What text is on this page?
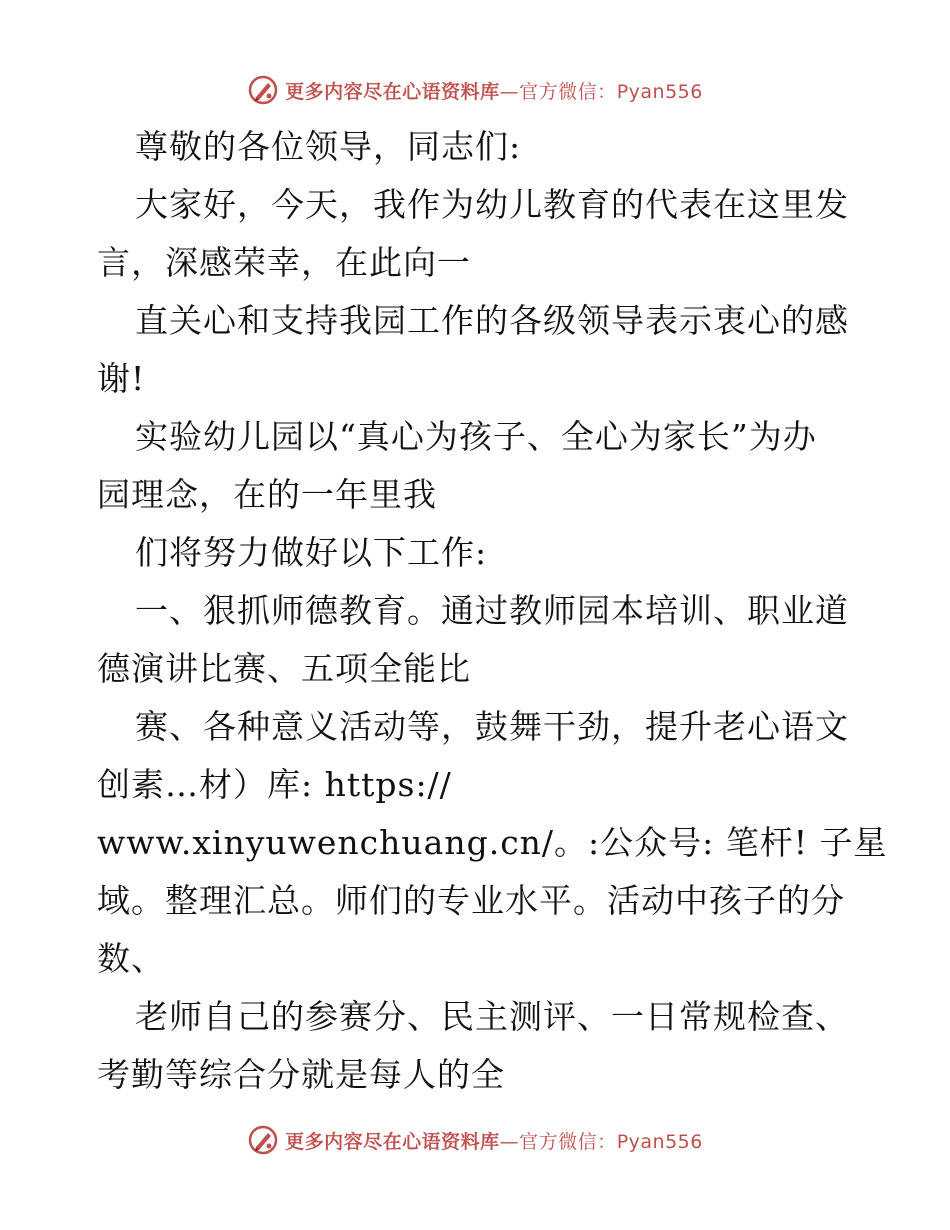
更多内容尽在心语资料库—官方微信：Pyan556
尊敬的各位领导，同志们:
大家好，今天，我作为幼儿教育的代表在这里发
言，深感荣幸，在此向一
直关心和支持我园工作的各级领导表示衷心的感
谢!
实验幼儿园以“真心为孩子、全心为家长”为办
园理念，在的一年里我
们将努力做好以下工作:
一、狠抓师德教育。通过教师园本培训、职业道
德演讲比赛、五项全能比
赛、各种意义活动等，鼓舞干劲，提升老心语文
创素…材）库: https://
www.xinyuwenchuang.cn/。:公众号: 笔杆! 子星
域。整理汇总。师们的专业水平。活动中孩子的分
数、
老师自己的参赛分、民主测评、一日常规检查、
考勤等综合分就是每人的全
更多内容尽在心语资料库—官方微信：Pyan556
